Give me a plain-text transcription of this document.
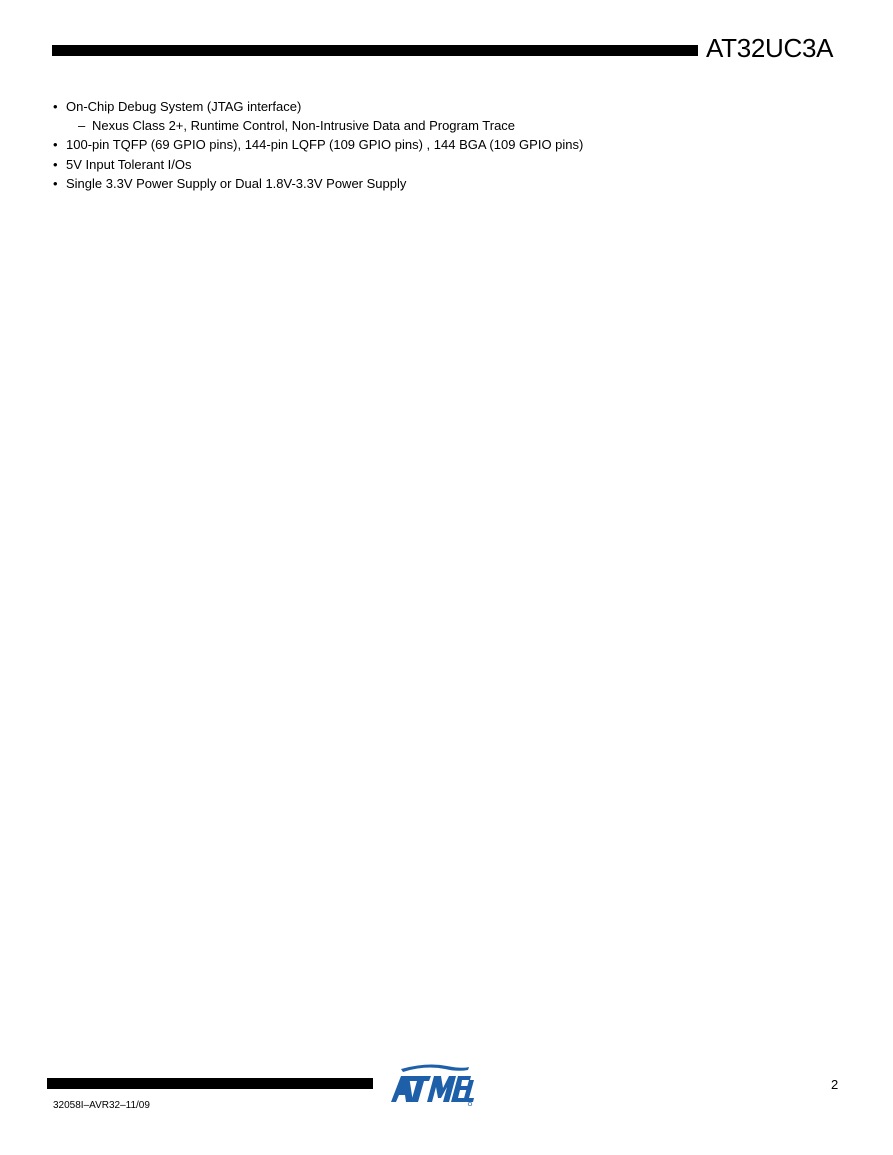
AT32UC3A
• On-Chip Debug System (JTAG interface)
– Nexus Class 2+, Runtime Control, Non-Intrusive Data and Program Trace
• 100-pin TQFP (69 GPIO pins), 144-pin LQFP (109 GPIO pins) , 144 BGA (109 GPIO pins)
• 5V Input Tolerant I/Os
• Single 3.3V Power Supply or Dual 1.8V-3.3V Power Supply
2
32058I–AVR32–11/09
